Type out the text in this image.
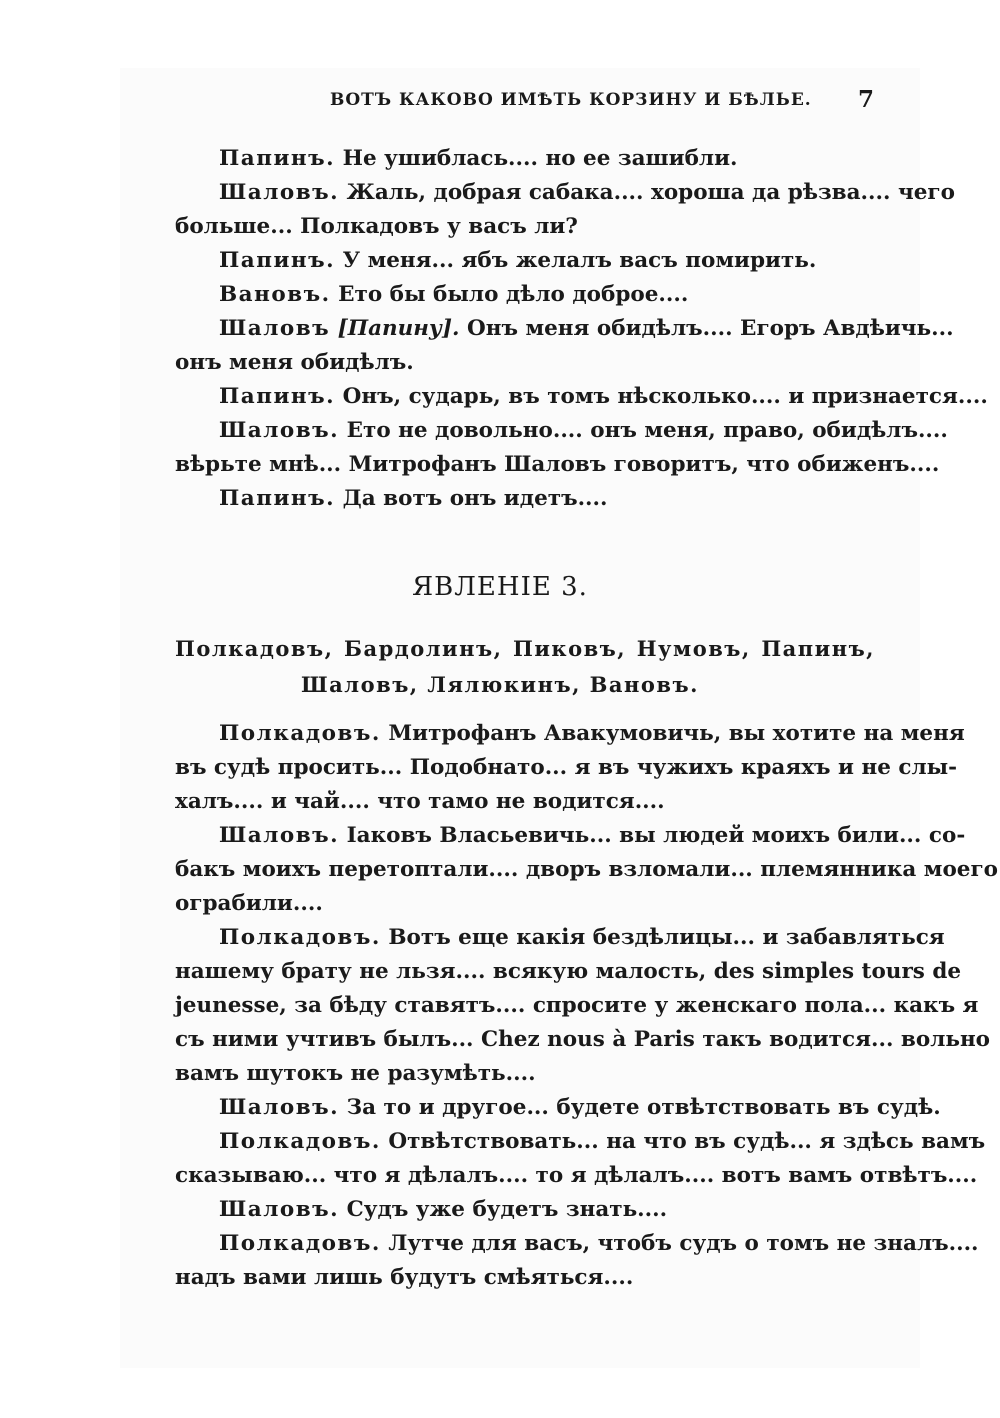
ВОТЪ КАКОВО ИМѢТЬ КОРЗИНУ И БѢЛЬЕ. 7
Папинъ. Не ушиблась.... но ее зашибли.
Шаловъ. Жаль, добрая сабака.... хороша да рѣзва.... чего
больше... Полкадовъ у васъ ли?
Папинъ. У меня... ябъ желалъ васъ помирить.
Вановъ. Ето бы было дѣло доброе....
Шаловъ [Папину]. Онъ меня обидѣлъ.... Егоръ Авдѣичь...
онъ меня обидѣлъ.
Папинъ. Онъ, сударь, въ томъ нѣсколько.... и признается....
Шаловъ. Ето не довольно.... онъ меня, право, обидѣлъ....
вѣрьте мнѣ... Митрофанъ Шаловъ говоритъ, что обиженъ....
Папинъ. Да вотъ онъ идетъ....
ЯВЛЕНІЕ 3.
Полкадовъ, Бардолинъ, Пиковъ, Нумовъ, Папинъ,
Шаловъ, Лялюкинъ, Вановъ.
Полкадовъ. Митрофанъ Авакумовичь, вы хотите на меня
въ судѣ просить... Подобнато... я въ чужихъ краяхъ и не слы-
халъ.... и чай.... что тамо не водится....
Шаловъ. Іаковъ Власьевичь... вы людей моихъ били... со-
бакъ моихъ перетоптали.... дворъ взломали... племянника моего
ограбили....
Полкадовъ. Вотъ еще какія бездѣлицы... и забавляться
нашему брату не льзя.... всякую малость, des simples tours de
jeunesse, за бѣду ставятъ.... спросите у женскаго пола... какъ я
съ ними учтивъ былъ... Chez nous à Paris такъ водится... вольно
вамъ шутокъ не разумѣть....
Шаловъ. За то и другое... будете отвѣтствовать въ судѣ.
Полкадовъ. Отвѣтствовать... на что въ судѣ... я здѣсь вамъ
сказываю... что я дѣлалъ.... то я дѣлалъ.... вотъ вамъ отвѣтъ....
Шаловъ. Судъ уже будетъ знать....
Полкадовъ. Лутче для васъ, чтобъ судъ о томъ не зналъ....
надъ вами лишь будутъ смѣяться....
